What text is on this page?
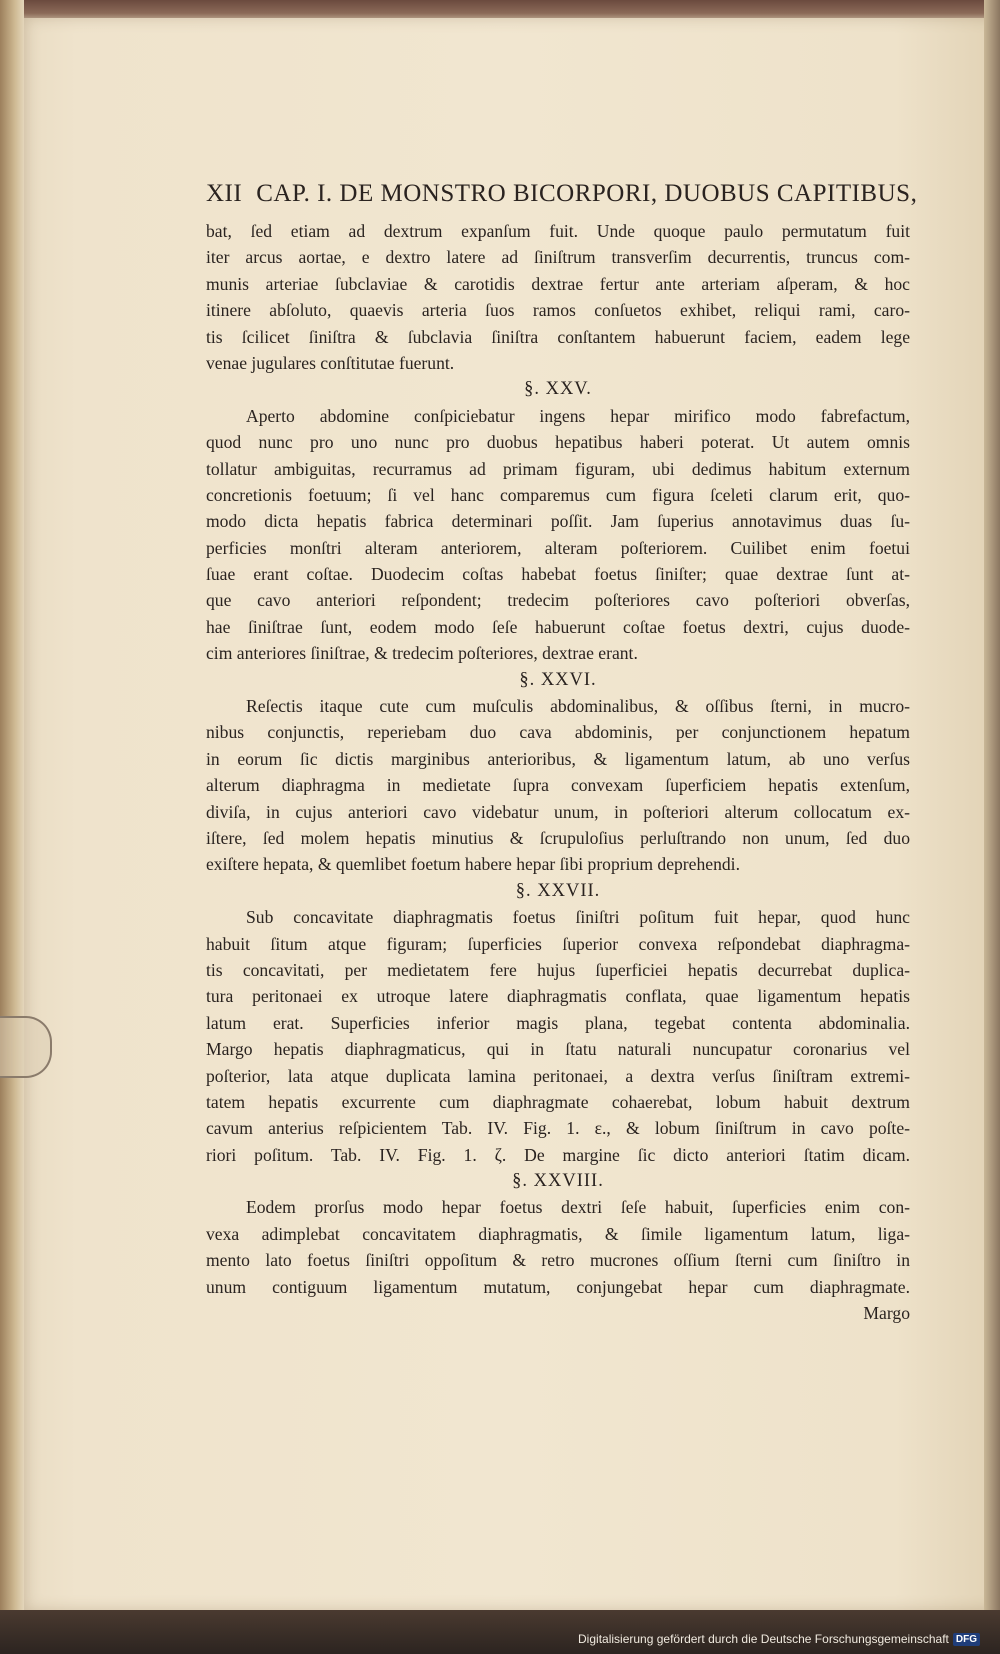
XII CAP. I. DE MONSTRO BICORPORI, DUOBUS CAPITIBUS,
bat, ſed etiam ad dextrum expanſum fuit. Unde quoque paulo permutatum fuit
iter arcus aortae, e dextro latere ad ſiniſtrum transverſim decurrentis, truncus com-
munis arteriae ſubclaviae & carotidis dextrae fertur ante arteriam aſperam, & hoc
itinere abſoluto, quaevis arteria ſuos ramos conſuetos exhibet, reliqui rami, caro-
tis ſcilicet ſiniſtra & ſubclavia ſiniſtra conſtantem habuerunt faciem, eadem lege
venae jugulares conſtitutae fuerunt.
§. XXV.
Aperto abdomine conſpiciebatur ingens hepar mirifico modo fabrefactum,
quod nunc pro uno nunc pro duobus hepatibus haberi poterat. Ut autem omnis
tollatur ambiguitas, recurramus ad primam figuram, ubi dedimus habitum externum
concretionis foetuum; ſi vel hanc comparemus cum figura ſceleti clarum erit, quo-
modo dicta hepatis fabrica determinari poſſit. Jam ſuperius annotavimus duas ſu-
perficies monſtri alteram anteriorem, alteram poſteriorem. Cuilibet enim foetui
ſuae erant coſtae. Duodecim coſtas habebat foetus ſiniſter; quae dextrae ſunt at-
que cavo anteriori reſpondent; tredecim poſteriores cavo poſteriori obverſas,
hae ſiniſtrae ſunt, eodem modo ſeſe habuerunt coſtae foetus dextri, cujus duode-
cim anteriores ſiniſtrae, & tredecim poſteriores, dextrae erant.
§. XXVI.
Reſectis itaque cute cum muſculis abdominalibus, & oſſibus ſterni, in mucro-
nibus conjunctis, reperiebam duo cava abdominis, per conjunctionem hepatum
in eorum ſic dictis marginibus anterioribus, & ligamentum latum, ab uno verſus
alterum diaphragma in medietate ſupra convexam ſuperficiem hepatis extenſum,
diviſa, in cujus anteriori cavo videbatur unum, in poſteriori alterum collocatum ex-
iſtere, ſed molem hepatis minutius & ſcrupuloſius perluſtrando non unum, ſed duo
exiſtere hepata, & quemlibet foetum habere hepar ſibi proprium deprehendi.
§. XXVII.
Sub concavitate diaphragmatis foetus ſiniſtri poſitum fuit hepar, quod hunc
habuit ſitum atque figuram; ſuperficies ſuperior convexa reſpondebat diaphragma-
tis concavitati, per medietatem fere hujus ſuperficiei hepatis decurrebat duplica-
tura peritonaei ex utroque latere diaphragmatis conflata, quae ligamentum hepatis
latum erat. Superficies inferior magis plana, tegebat contenta abdominalia.
Margo hepatis diaphragmaticus, qui in ſtatu naturali nuncupatur coronarius vel
poſterior, lata atque duplicata lamina peritonaei, a dextra verſus ſiniſtram extremi-
tatem hepatis excurrente cum diaphragmate cohaerebat, lobum habuit dextrum
cavum anterius reſpicientem Tab. IV. Fig. 1. ε., & lobum ſiniſtrum in cavo poſte-
riori poſitum. Tab. IV. Fig. 1. ζ. De margine ſic dicto anteriori ſtatim dicam.
§. XXVIII.
Eodem prorſus modo hepar foetus dextri ſeſe habuit, ſuperficies enim con-
vexa adimplebat concavitatem diaphragmatis, & ſimile ligamentum latum, liga-
mento lato foetus ſiniſtri oppoſitum & retro mucrones oſſium ſterni cum ſiniſtro in
unum contiguum ligamentum mutatum, conjungebat hepar cum diaphragmate.
Margo
Digitalisierung gefördert durch die Deutsche Forschungsgemeinschaft DFG
